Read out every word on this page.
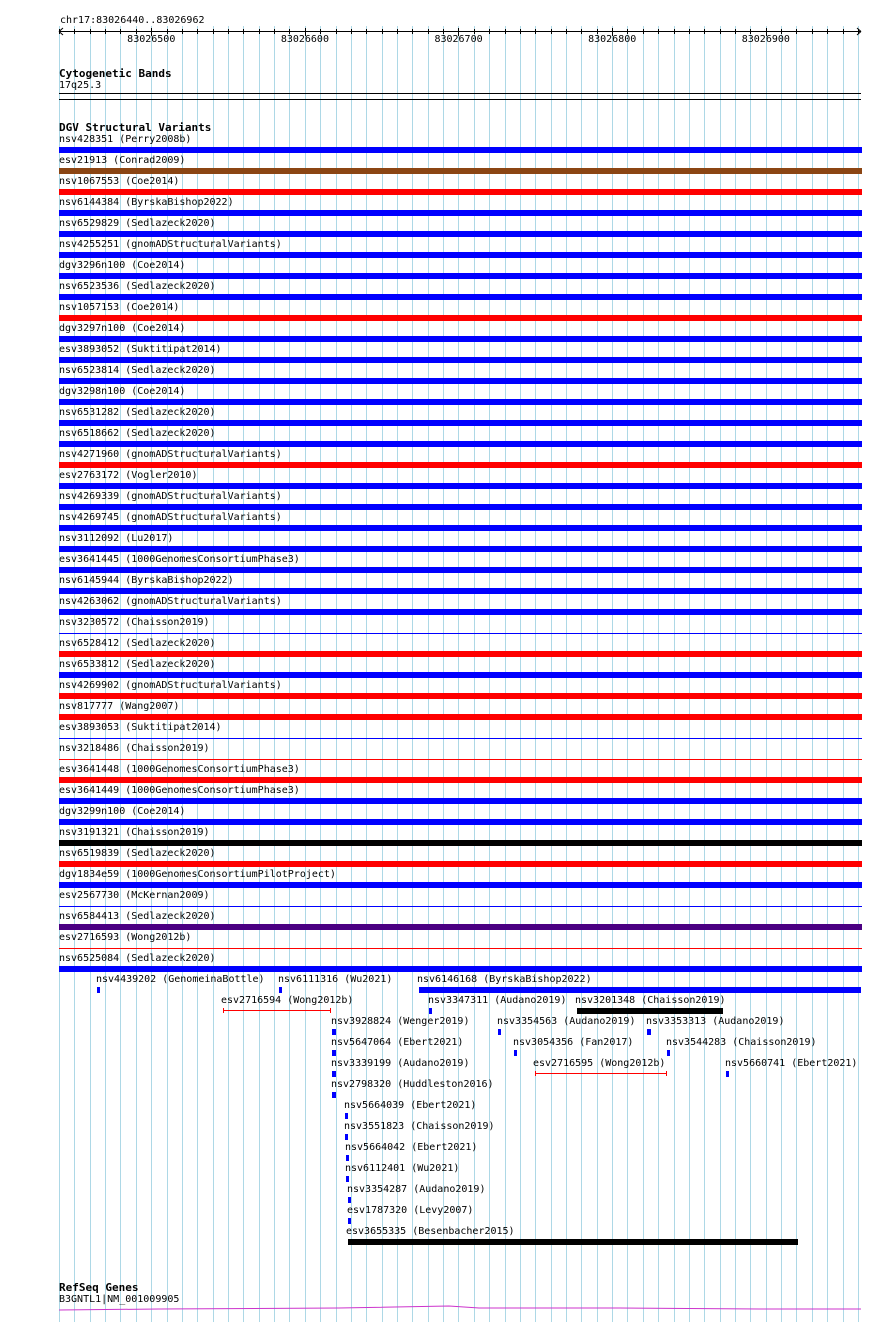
chr17:83026440..83026962
83026500	83026600	83026700	83026800	83026900
Cytogenetic Bands
17q25.3
DGV Structural Variants
nsv428351 (Perry2008b)
esv21913 (Conrad2009)
nsv1067553 (Coe2014)
nsv6144384 (ByrskaBishop2022)
nsv6529829 (Sedlazeck2020)
nsv4255251 (gnomADStructuralVariants)
dgv3296n100 (Coe2014)
nsv6523536 (Sedlazeck2020)
nsv1057153 (Coe2014)
dgv3297n100 (Coe2014)
esv3893052 (Suktitipat2014)
nsv6523814 (Sedlazeck2020)
dgv3298n100 (Coe2014)
nsv6531282 (Sedlazeck2020)
nsv6518662 (Sedlazeck2020)
nsv4271960 (gnomADStructuralVariants)
esv2763172 (Vogler2010)
nsv4269339 (gnomADStructuralVariants)
nsv4269745 (gnomADStructuralVariants)
nsv3112092 (Lu2017)
esv3641445 (1000GenomesConsortiumPhase3)
nsv6145944 (ByrskaBishop2022)
nsv4263062 (gnomADStructuralVariants)
nsv3230572 (Chaisson2019)
nsv6528412 (Sedlazeck2020)
nsv6533812 (Sedlazeck2020)
nsv4269902 (gnomADStructuralVariants)
nsv817777 (Wang2007)
esv3893053 (Suktitipat2014)
nsv3218486 (Chaisson2019)
esv3641448 (1000GenomesConsortiumPhase3)
esv3641449 (1000GenomesConsortiumPhase3)
dgv3299n100 (Coe2014)
nsv3191321 (Chaisson2019)
nsv6519839 (Sedlazeck2020)
dgv1834e59 (1000GenomesConsortiumPilotProject)
esv2567730 (McKernan2009)
nsv6584413 (Sedlazeck2020)
esv2716593 (Wong2012b)
nsv6525084 (Sedlazeck2020)
nsv4439202 (GenomeinaBottle) nsv6111316 (Wu2021) nsv6146168 (ByrskaBishop2022)
esv2716594 (Wong2012b)	nsv3347311 (Audano2019) nsv3201348 (Chaisson2019)
nsv3928824 (Wenger2019)	nsv3354563 (Audano2019) nsv3353313 (Audano2019)
nsv5647064 (Ebert2021)	nsv3054356 (Fan2017)	nsv3544283 (Chaisson2019)
nsv3339199 (Audano2019)	esv2716595 (Wong2012b)	nsv5660741 (Ebert2021)
nsv2798320 (Huddleston2016)
nsv5664039 (Ebert2021)
nsv3551823 (Chaisson2019)
nsv5664042 (Ebert2021)
nsv6112401 (Wu2021)
nsv3354287 (Audano2019)
esv1787320 (Levy2007)
esv3655335 (Besenbacher2015)
RefSeq Genes
B3GNTL1|NM_001009905
